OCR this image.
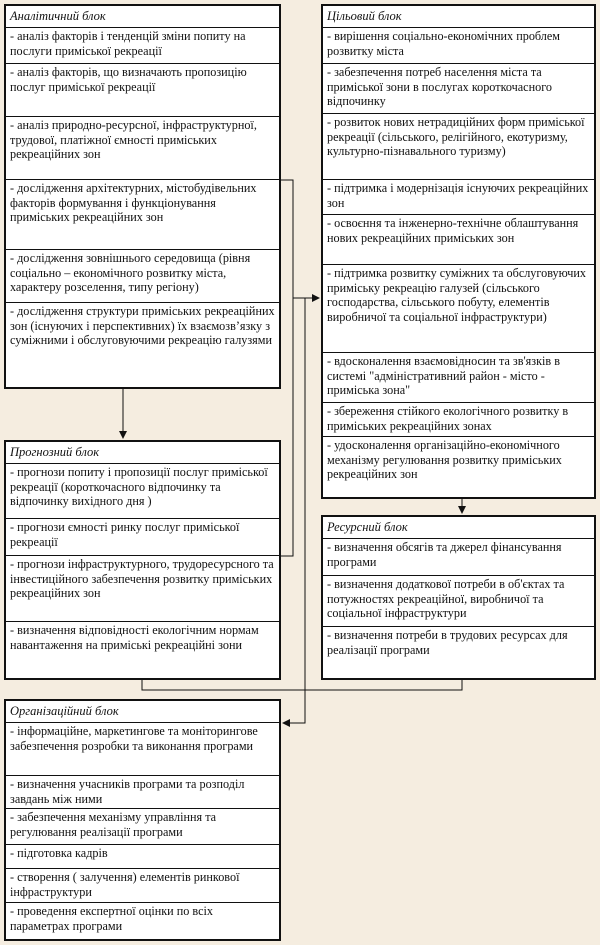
Аналітичний блок
- аналіз факторів і тенденцій зміни попиту на послуги приміської рекреації
- аналіз факторів, що визначають пропозицію послуг приміської рекреації
- аналіз природно-ресурсної, інфраструктурної, трудової, платіжної ємності приміських рекреаційних зон
- дослідження архітектурних, містобудівельних факторів формування і функціонування приміських рекреаційних зон
- дослідження зовнішнього середовища (рівня соціально – економічного розвитку міста, характеру розселення, типу регіону)
- дослідження структури приміських рекреаційних зон (існуючих і перспективних) їх взаємозв’язку з суміжними і обслуговуючими рекреацію галузями
Цільовий блок
- вирішення соціально-економічних проблем розвитку міста
- забезпечення потреб населення міста та приміської зони в послугах короткочасного відпочинку
- розвиток нових нетрадиційних форм приміської рекреації (сільського, релігійного, екотуризму, культурно-пізнавального туризму)
- підтримка і модернізація існуючих рекреаційних зон
- освоєння та інженерно-технічне облаштування нових рекреаційних приміських зон
- підтримка розвитку суміжних та обслуговуючих приміську рекреацію галузей (сільського господарства, сільського побуту, елементів виробничої та соціальної інфраструктури)
- вдосконалення взаємовідносин та зв'язків в системі "адміністративний район - місто - приміська зона"
- збереження стійкого екологічного розвитку в приміських рекреаційних зонах
- удосконалення організаційно-економічного механізму регулювання розвитку приміських рекреаційних зон
Прогнозний блок
- прогнози попиту і пропозиції послуг приміської рекреації (короткочасного відпочинку та відпочинку вихідного дня )
- прогнози ємності ринку послуг приміської рекреації
- прогнози інфраструктурного, трудоресурсного та інвестиційного забезпечення розвитку приміських рекреаційних зон
- визначення відповідності екологічним нормам навантаження на приміські рекреаційні зони
Ресурсний блок
- визначення обсягів та джерел фінансування програми
- визначення додаткової потреби в об'єктах та потужностях рекреаційної, виробничої та соціальної інфраструктури
- визначення потреби в трудових ресурсах для реалізації програми
Організаційний блок
- інформаційне, маркетингове та моніторингове забезпечення розробки та виконання програми
- визначення учасників програми та розподіл завдань між ними
- забезпечення механізму управління та регулювання реалізації програми
- підготовка кадрів
- створення ( залучення) елементів ринкової інфраструктури
- проведення експертної оцінки по всіх параметрах програми
